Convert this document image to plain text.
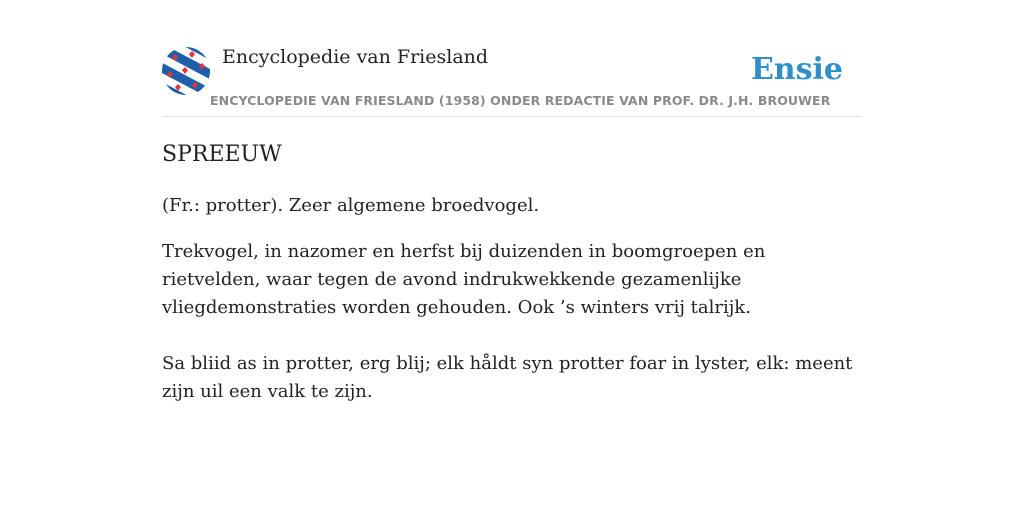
Encyclopedie van Friesland
ENCYCLOPEDIE VAN FRIESLAND (1958) ONDER REDACTIE VAN PROF. DR. J.H. BROUWER
Ensie
SPREEUW

(Fr.: protter). Zeer algemene broedvogel.

Trekvogel, in nazomer en herfst bij duizenden in boomgroepen en rietvelden, waar tegen de avond indrukwekkende gezamenlijke vliegdemonstraties worden gehouden. Ook ’s winters vrij talrijk.

Sa bliid as in protter, erg blij; elk håldt syn protter foar in lyster, elk: meent zijn uil een valk te zijn.
